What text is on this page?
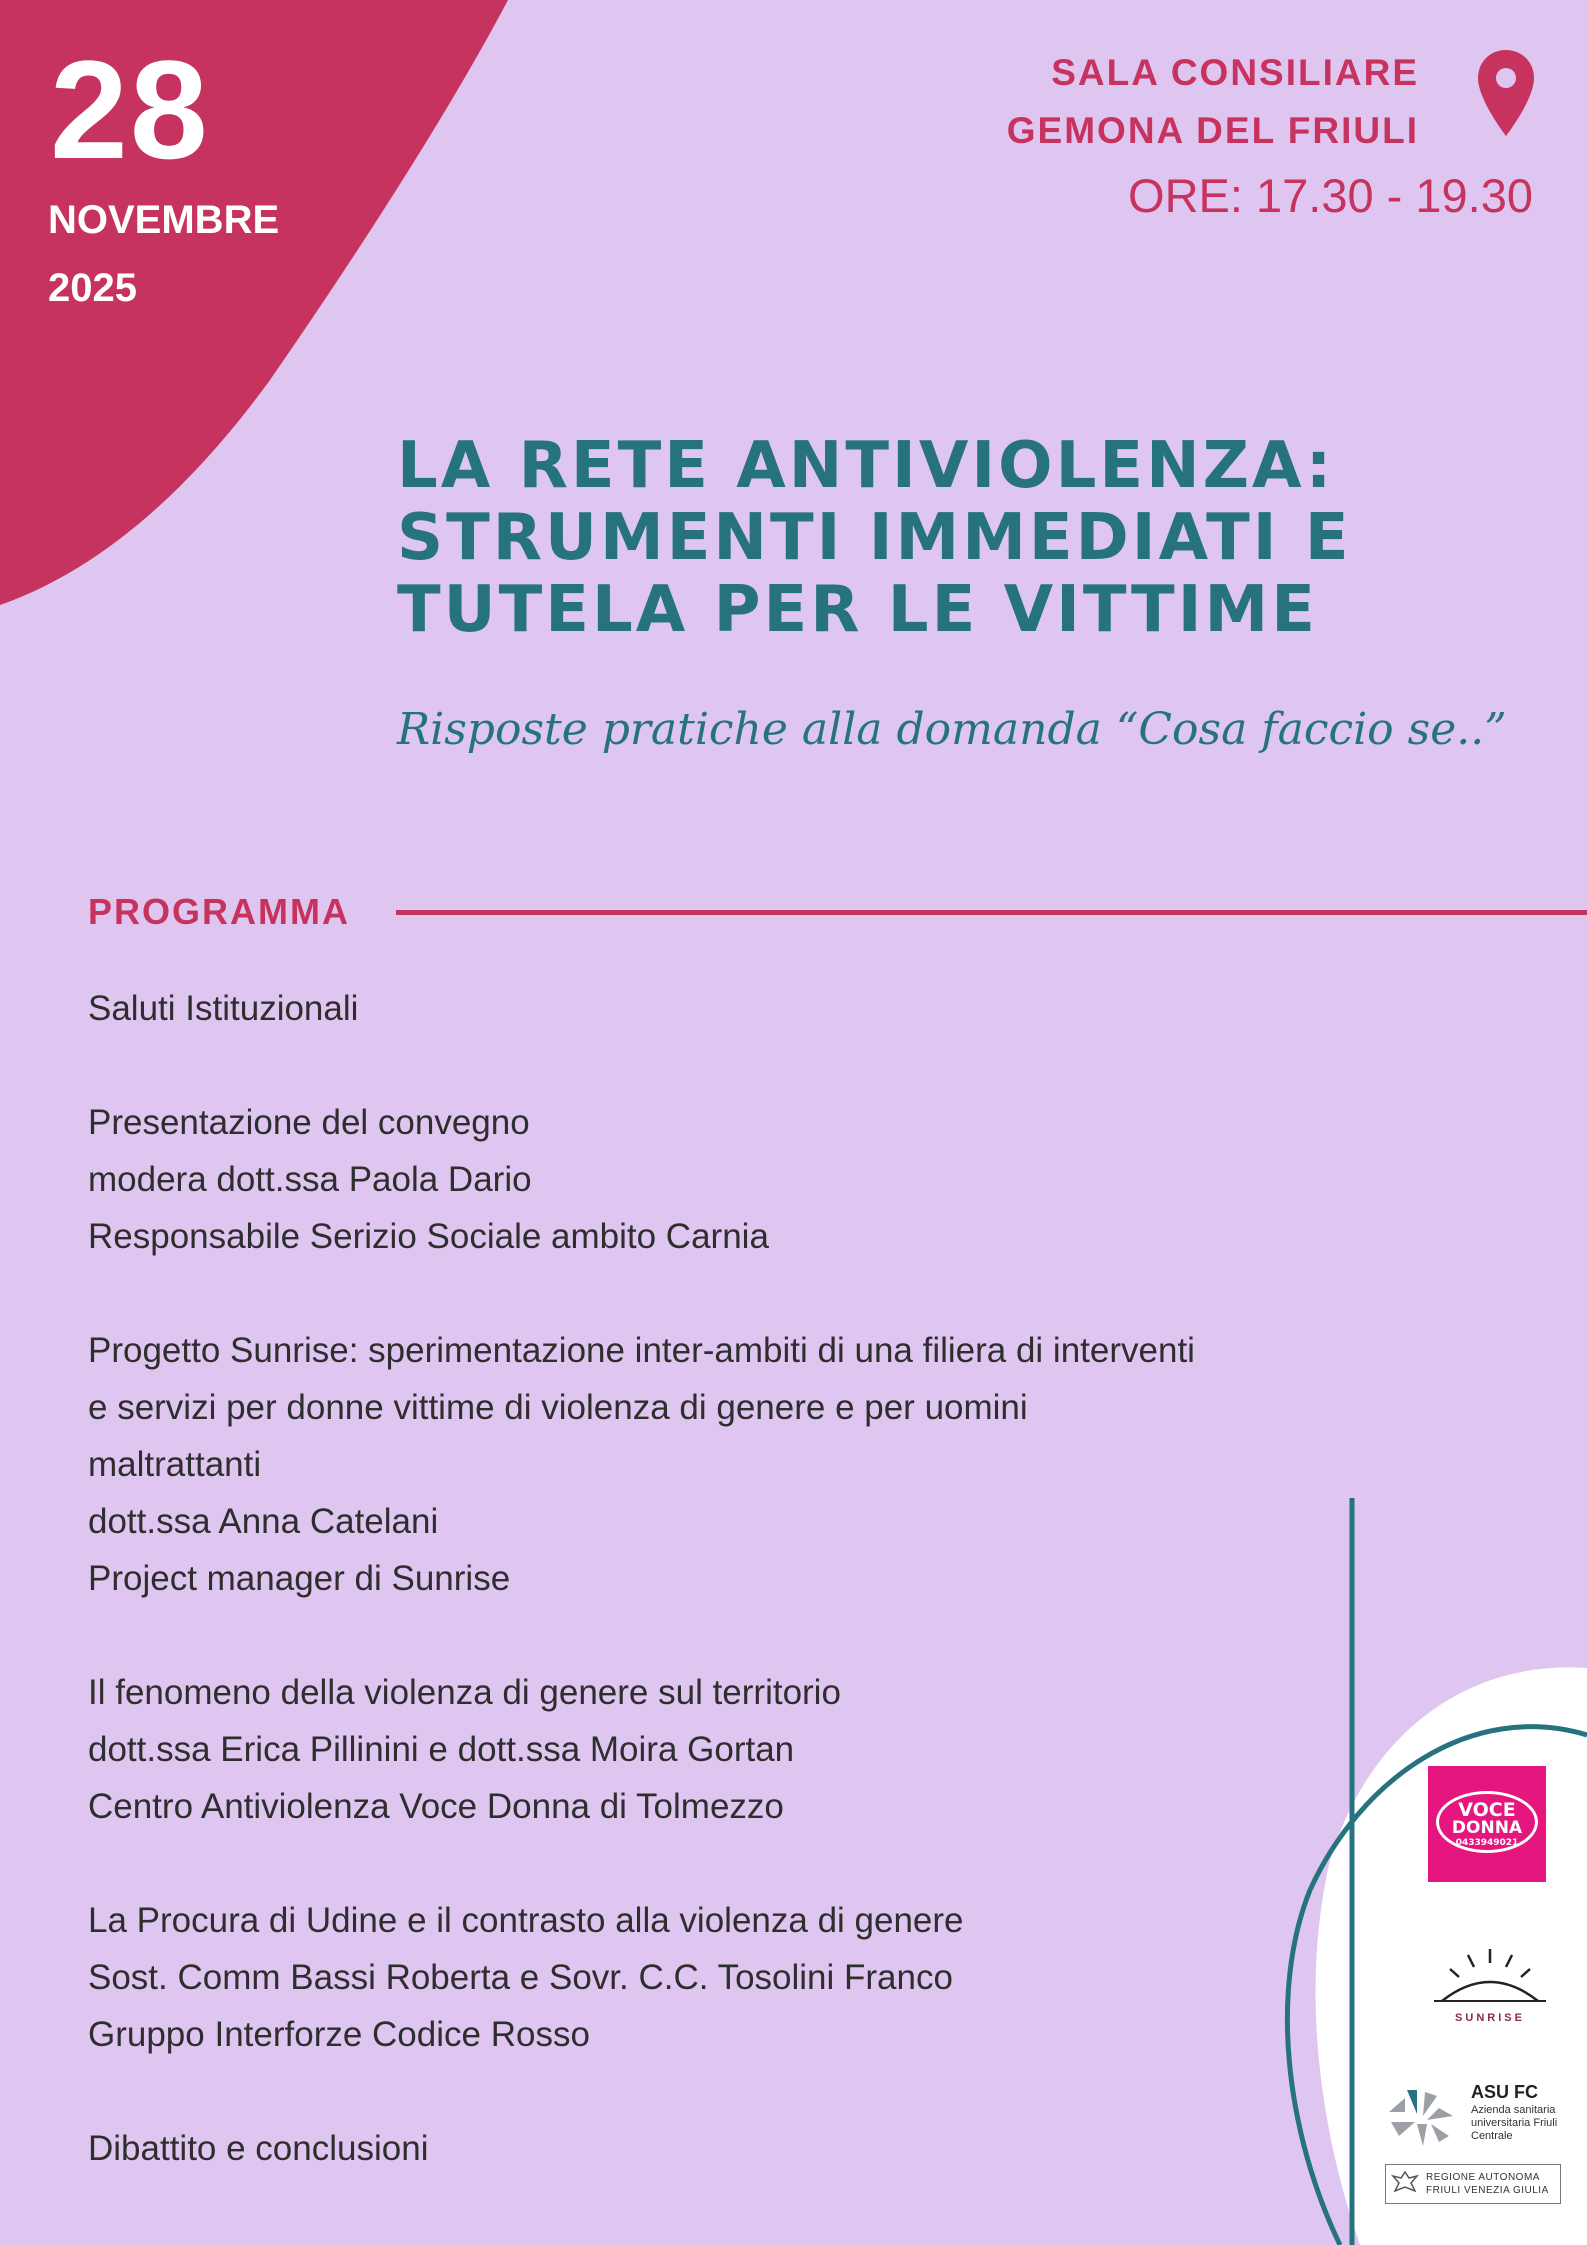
28
NOVEMBRE
2025
SALA CONSILIARE
GEMONA DEL FRIULI
ORE: 17.30 - 19.30
LA RETE ANTIVIOLENZA:
STRUMENTI IMMEDIATI E
TUTELA PER LE VITTIME
Risposte pratiche alla domanda “Cosa faccio se..”
PROGRAMMA
Saluti Istituzionali
Presentazione del convegno
modera dott.ssa Paola Dario
Responsabile Serizio Sociale ambito Carnia
Progetto Sunrise: sperimentazione inter-ambiti di una filiera di interventi
e servizi per donne vittime di violenza di genere e per uomini
maltrattanti
dott.ssa Anna Catelani
Project manager di Sunrise
Il fenomeno della violenza di genere sul territorio
dott.ssa Erica Pillinini e dott.ssa Moira Gortan
Centro Antiviolenza Voce Donna di Tolmezzo
La Procura di Udine e il contrasto alla violenza di genere
Sost. Comm Bassi Roberta e Sovr. C.C. Tosolini Franco
Gruppo Interforze Codice Rosso
Dibattito e conclusioni
VOCE
DONNA
0433949021
SUNRISE
ASU FC
Azienda sanitaria universitaria Friuli Centrale
REGIONE AUTONOMA FRIULI VENEZIA GIULIA
